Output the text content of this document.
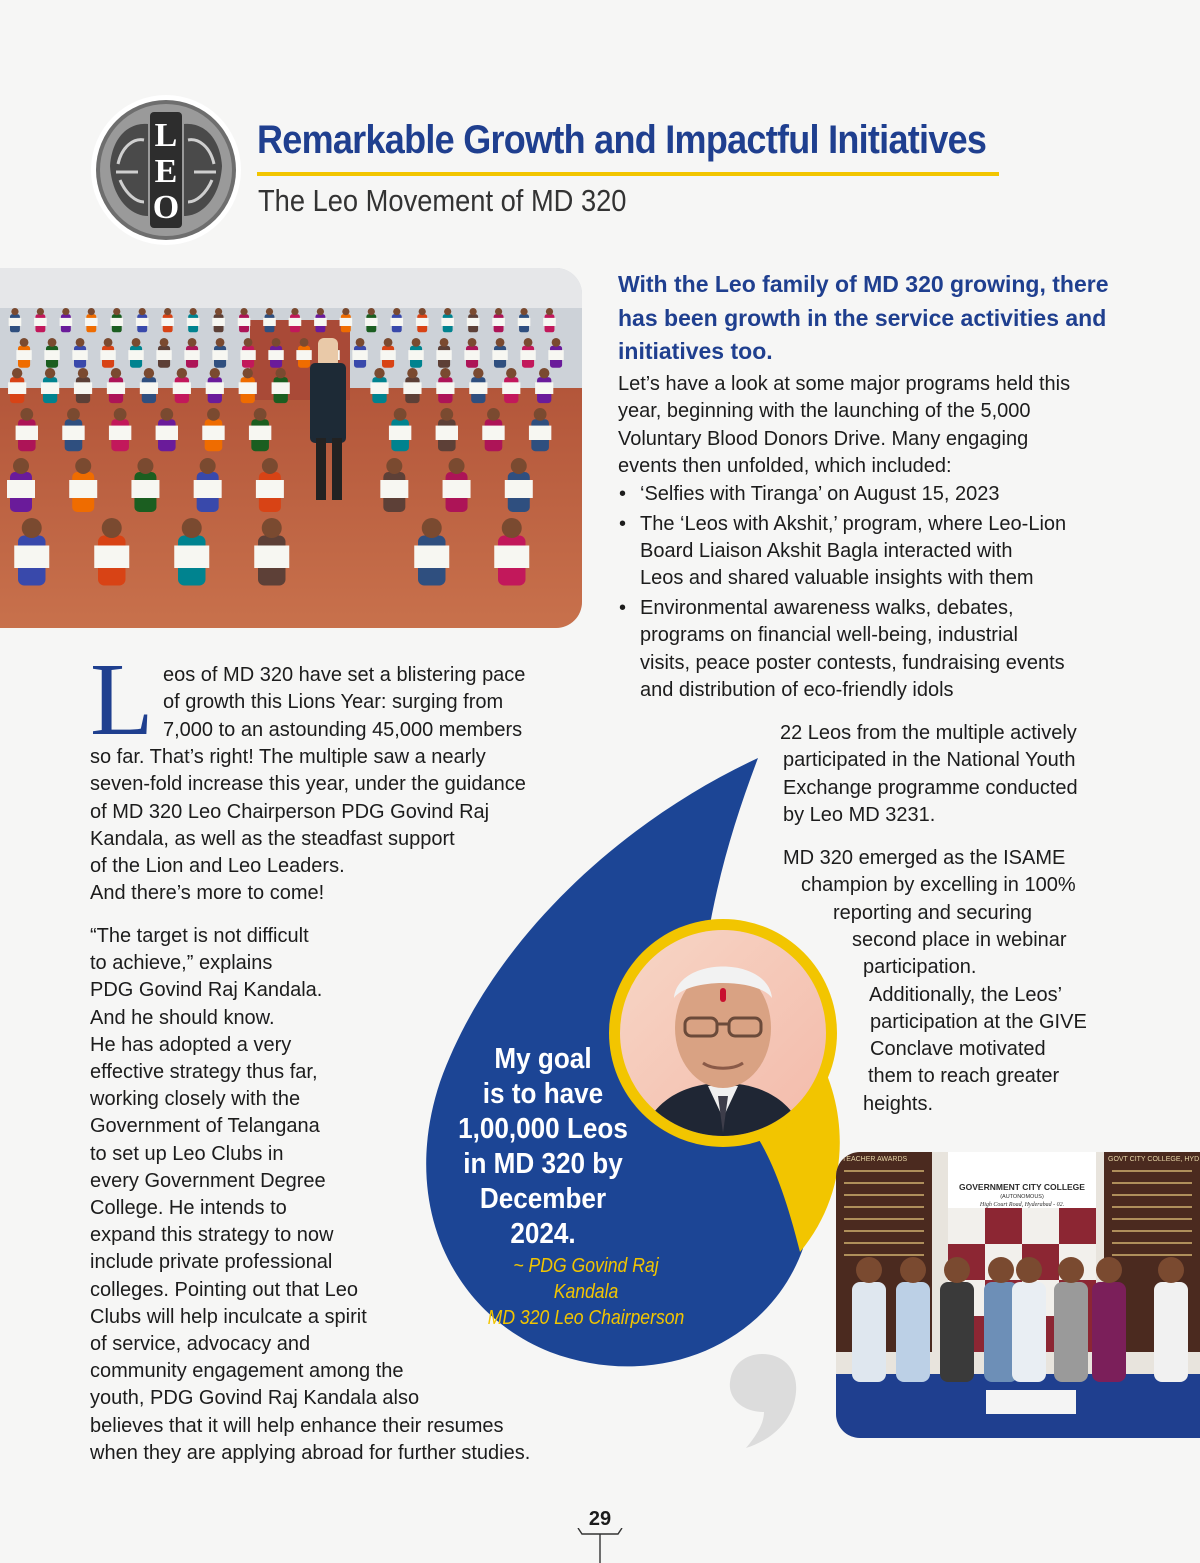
L
E
O
Remarkable Growth and Impactful Initiatives
The Leo Movement of MD 320

With the Leo family of MD 320 growing, there has been growth in the service activities and initiatives too.

Let’s have a look at some major programs held this
year, beginning with the launching of the 5,000
Voluntary Blood Donors Drive. Many engaging
events then unfolded, which included:
• ‘Selfies with Tiranga’ on August 15, 2023
• The ‘Leos with Akshit,’ program, where Leo-Lion
Board Liaison Akshit Bagla interacted with
Leos and shared valuable insights with them
• Environmental awareness walks, debates,
programs on financial well-being, industrial
visits, peace poster contests, fundraising events
and distribution of eco-friendly idols
22 Leos from the multiple actively
participated in the National Youth
Exchange programme conducted
by Leo MD 3231.
MD 320 emerged as the ISAME
champion by excelling in 100%
reporting and securing
second place in webinar
participation.
Additionally, the Leos’
participation at the GIVE
Conclave motivated
them to reach greater
heights.
My goal
is to have
1,00,000 Leos
in MD 320 by
December 2024.
~ PDG Govind Raj Kandala
MD 320 Leo Chairperson
L eos of MD 320 have set a blistering pace
of growth this Lions Year: surging from
7,000 to an astounding 45,000 members
so far. That’s right! The multiple saw a nearly
seven-fold increase this year, under the guidance
of MD 320 Leo Chairperson PDG Govind Raj
Kandala, as well as the steadfast support
of the Lion and Leo Leaders.
And there’s more to come!
“The target is not difficult
to achieve,” explains
PDG Govind Raj Kandala.
And he should know.
He has adopted a very
effective strategy thus far,
working closely with the
Government of Telangana
to set up Leo Clubs in
every Government Degree
College. He intends to
expand this strategy to now
include private professional
colleges. Pointing out that Leo
Clubs will help inculcate a spirit
of service, advocacy and
community engagement among the
youth, PDG Govind Raj Kandala also
believes that it will help enhance their resumes
when they are applying abroad for further studies.
TEACHER AWARDS	GOVT CITY COLLEGE, HYD
GOVERNMENT CITY COLLEGE
(AUTONOMOUS)
High Court Road, Hyderabad - 02.
29
